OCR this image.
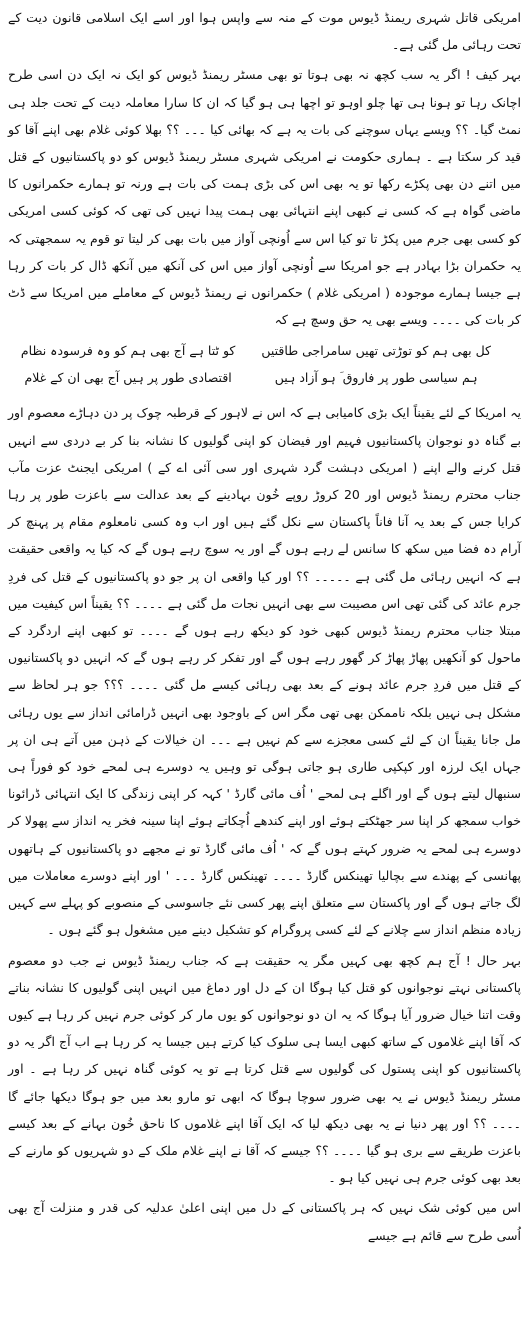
امریکی قاتل شہری ریمنڈ ڈیوس موت کے منہ سے واپس ہوا اور اسے ایک اسلامی قانون دیت کے تحت رہائی مل گئی ہے۔

بہر کیف ! اگر یہ سب کچھ نہ بھی ہوتا تو بھی مسٹر ریمنڈ ڈیوس کو ایک نہ ایک دن اسی طرح اچانک رہا تو ہونا ہی تھا چلو اوہو تو اچھا ہی ہو گیا کہ ان کا سارا معاملہ دیت کے تحت جلد ہی نمٹ گیا۔ ؟؟ ویسے یہاں سوچنے کی بات یہ ہے کہ بھائی کیا ۔۔۔ ؟؟ بھلا کوئی غلام بھی اپنے آقا کو قید کر سکتا ہے ۔ ہماری حکومت نے امریکی شہری مسٹر ریمنڈ ڈیوس کو دو پاکستانیوں کے قتل میں اتنے دن بھی پکڑے رکھا تو یہ بھی اس کی بڑی ہمت کی بات ہے ورنہ تو ہمارے حکمرانوں کا ماضی گواہ ہے کہ کسی نے کبھی اپنے انتہائی بھی ہمت پیدا نہیں کی تھی کہ کوئی کسی امریکی کو کسی بھی جرم میں پکڑ تا تو کیا اس سے اُونچی آواز میں بات بھی کر لیتا تو قوم یہ سمجھتی کہ یہ حکمران بڑا بہادر ہے جو امریکا سے اُونچی آواز میں اس کی آنکھ میں آنکھ ڈال کر بات کر رہا ہے جیسا ہمارے موجودہ ( امریکی غلام ) حکمرانوں نے ریمنڈ ڈیوس کے معاملے میں امریکا سے ڈٹ کر بات کی ۔۔۔۔ ویسے بھی یہ حق وسچ ہے کہ

کل بھی ہم کو توڑتی تھیں سامراجی طاقتیں
کو ٹتا ہے آج بھی ہم کو وہ فرسودہ نظام
ہم سیاسی طور پر فاروق ؔ ہو آزاد ہیں
اقتصادی طور پر ہیں آج بھی ان کے غلام

یہ امریکا کے لئے یقیناً ایک بڑی کامیابی ہے کہ اس نے لاہور کے قرطبہ چوک پر دن دہاڑے معصوم اور بے گناہ دو نوجوان پاکستانیوں فہیم اور فیضان کو اپنی گولیوں کا نشانہ بنا کر بے دردی سے انہیں قتل کرنے والے اپنے ( امریکی دہشت گرد شہری اور سی آئی اے کے ) امریکی ایجنٹ عزت مآب جناب محترم ریمنڈ ڈیوس اور 20 کروڑ روپے خُون بہادینے کے بعد عدالت سے باعزت طور پر رہا کرایا جس کے بعد یہ آنا فاناً پاکستان سے نکل گئے ہیں اور اب وہ کسی نامعلوم مقام پر پہنچ کر آرام دہ فضا میں سکھ کا سانس لے رہے ہوں گے اور یہ سوچ رہے ہوں گے کہ کیا یہ واقعی حقیقت ہے کہ انہیں رہائی مل گئی ہے ۔۔۔۔۔ ؟؟ اور کیا واقعی ان پر جو دو پاکستانیوں کے قتل کی فردِ جرم عائد کی گئی تھی اس مصیبت سے بھی انہیں نجات مل گئی ہے ۔۔۔۔ ؟؟ یقیناً اس کیفیت میں مبتلا جناب محترم ریمنڈ ڈیوس کبھی خود کو دیکھ رہے ہوں گے ۔۔۔۔ تو کبھی اپنے اردگرد کے ماحول کو آنکھیں پھاڑ پھاڑ کر گھور رہے ہوں گے اور تفکر کر رہے ہوں گے کہ انہیں دو پاکستانیوں کے قتل میں فردِ جرم عائد ہونے کے بعد بھی رہائی کیسے مل گئی ۔۔۔۔ ؟؟؟ جو ہر لحاظ سے مشکل ہی نہیں بلکہ ناممکن بھی تھی مگر اس کے باوجود بھی انہیں ڈرامائی انداز سے یوں رہائی مل جانا یقیناً ان کے لئے کسی معجزے سے کم نہیں ہے ۔۔۔ ان خیالات کے ذہن میں آتے ہی ان پر جہاں ایک لرزہ اور کپکپی طاری ہو جاتی ہوگی تو وہیں یہ دوسرے ہی لمحے خود کو فوراً ہی سنبھال لیتے ہوں گے اور اگلے ہی لمحے ' اُف مائی گارڈ ' کہہ کر اپنی زندگی کا ایک انتہائی ڈرائونا خواب سمجھ کر اپنا سر جھٹکتے ہوئے اور اپنے کندھے اُچکاتے ہوئے اپنا سینہ فخر یہ انداز سے پھولا کر دوسرے ہی لمحے یہ ضرور کہتے ہوں گے کہ ' اُف مائی گارڈ تو نے مجھے دو پاکستانیوں کے ہاتھوں پھانسی کے پھندے سے بچالیا تھینکس گارڈ ۔۔۔۔ تھینکس گارڈ ۔۔۔ ' اور اپنے دوسرے معاملات میں لگ جاتے ہوں گے اور پاکستان سے متعلق اپنے پھر کسی نئے جاسوسی کے منصوبے کو پہلے سے کہیں زیادہ منظم انداز سے چلانے کے لئے کسی پروگرام کو تشکیل دینے میں مشغول ہو گئے ہوں ۔

بہر حال ! آج ہم کچھ بھی کہیں مگر یہ حقیقت ہے کہ جناب ریمنڈ ڈیوس نے جب دو معصوم پاکستانی نہتے نوجوانوں کو قتل کیا ہوگا ان کے دل اور دماغ میں انہیں اپنی گولیوں کا نشانہ بناتے وقت اتنا خیال ضرور آیا ہوگا کہ یہ ان دو نوجوانوں کو یوں مار کر کوئی جرم نہیں کر رہا ہے کیوں کہ آقا اپنے غلاموں کے ساتھ کبھی ایسا ہی سلوک کیا کرتے ہیں جیسا یہ کر رہا ہے اب آج اگر یہ دو پاکستانیوں کو اپنی پستول کی گولیوں سے قتل کرتا ہے تو یہ کوئی گناہ نہیں کر رہا ہے ۔ اور مسٹر ریمنڈ ڈیوس نے یہ بھی ضرور سوچا ہوگا کہ ابھی تو مارو بعد میں جو ہوگا دیکھا جائے گا ۔۔۔۔ ؟؟ اور پھر دنیا نے یہ بھی دیکھ لیا کہ ایک آقا اپنے غلاموں کا ناحق خُون بہانے کے بعد کیسے باعزت طریقے سے بری ہو گیا ۔۔۔۔ ؟؟ جیسے کہ آقا نے اپنے غلام ملک کے دو شہریوں کو مارنے کے بعد بھی کوئی جرم ہی نہیں کیا ہو ۔

اس میں کوئی شک نہیں کہ ہر پاکستانی کے دل میں اپنی اعلیٰ عدلیہ کی قدر و منزلت آج بھی اُسی طرح سے قائم ہے جیسے
